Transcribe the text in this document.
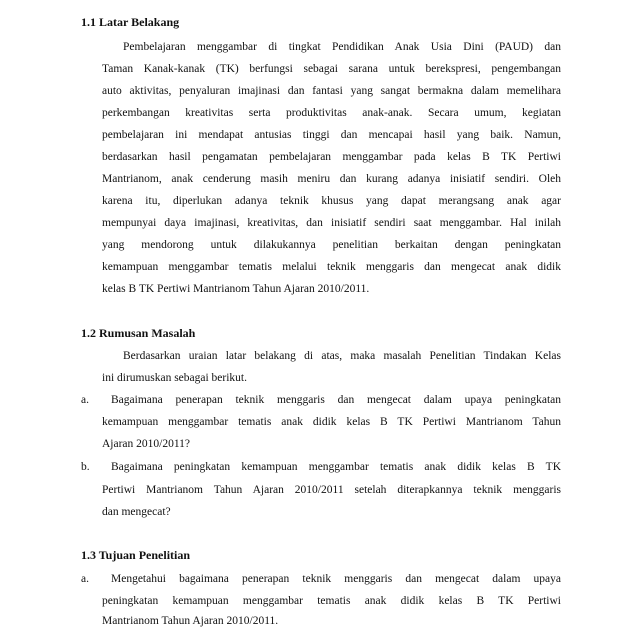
1.1 Latar Belakang
Pembelajaran menggambar di tingkat Pendidikan Anak Usia Dini (PAUD) dan
Taman Kanak-kanak (TK) berfungsi sebagai sarana untuk berekspresi, pengembangan
auto aktivitas, penyaluran imajinasi dan fantasi yang sangat bermakna dalam memelihara
perkembangan kreativitas serta produktivitas anak-anak. Secara umum, kegiatan
pembelajaran ini mendapat antusias tinggi dan mencapai hasil yang baik. Namun,
berdasarkan hasil pengamatan pembelajaran menggambar pada kelas B TK Pertiwi
Mantrianom, anak cenderung masih meniru dan kurang adanya inisiatif sendiri. Oleh
karena itu, diperlukan adanya teknik khusus yang dapat merangsang anak agar
mempunyai daya imajinasi, kreativitas, dan inisiatif sendiri saat menggambar. Hal inilah
yang mendorong untuk dilakukannya penelitian berkaitan dengan peningkatan
kemampuan menggambar tematis melalui teknik menggaris dan mengecat anak didik
kelas B TK Pertiwi Mantrianom Tahun Ajaran 2010/2011.
1.2 Rumusan Masalah
Berdasarkan uraian latar belakang di atas, maka masalah Penelitian Tindakan Kelas
ini dirumuskan sebagai berikut.
a. Bagaimana penerapan teknik menggaris dan mengecat dalam upaya peningkatan
kemampuan menggambar tematis anak didik kelas B TK Pertiwi Mantrianom Tahun
Ajaran 2010/2011?
b. Bagaimana peningkatan kemampuan menggambar tematis anak didik kelas B TK
Pertiwi Mantrianom Tahun Ajaran 2010/2011 setelah diterapkannya teknik menggaris
dan mengecat?
1.3 Tujuan Penelitian
a. Mengetahui bagaimana penerapan teknik menggaris dan mengecat dalam upaya
peningkatan kemampuan menggambar tematis anak didik kelas B TK Pertiwi
Mantrianom Tahun Ajaran 2010/2011.
